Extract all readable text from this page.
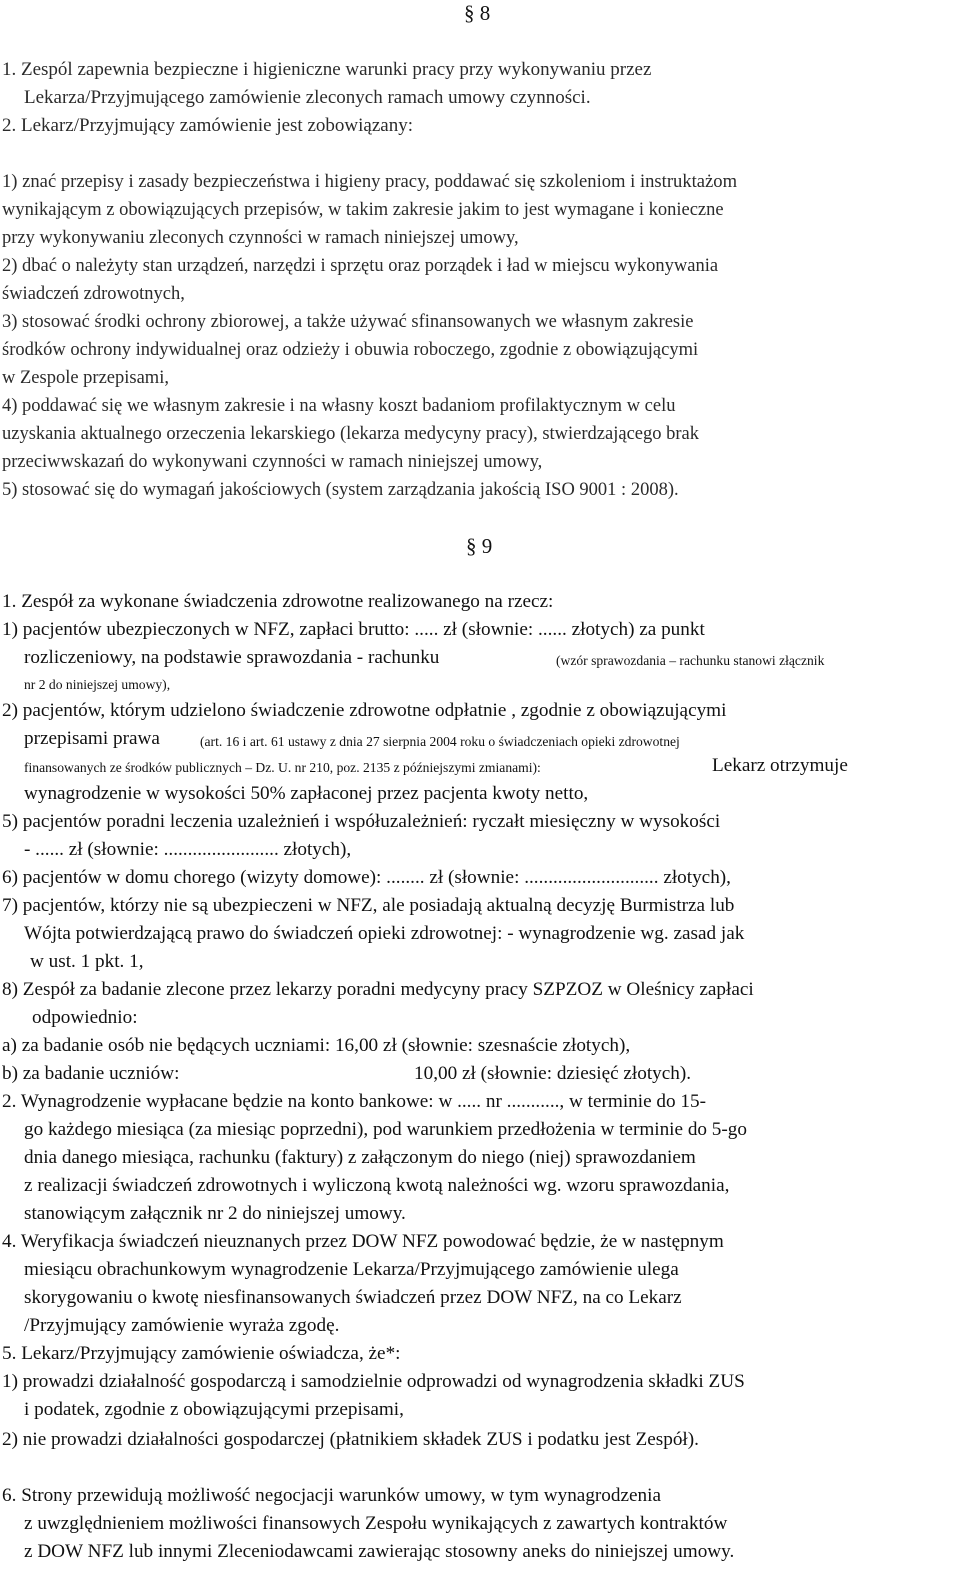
§ 8
1. Zespól zapewnia bezpieczne i higieniczne warunki pracy przy wykonywaniu przez
Lekarza/Przyjmującego zamówienie zleconych ramach umowy czynności.
2. Lekarz/Przyjmujący zamówienie jest zobowiązany:
1) znać przepisy i zasady bezpieczeństwa i higieny pracy, poddawać się szkoleniom i instruktażom
wynikającym z obowiązujących przepisów, w takim zakresie jakim to jest wymagane i konieczne
przy wykonywaniu zleconych czynności w ramach niniejszej umowy,
2) dbać o należyty stan urządzeń, narzędzi i sprzętu oraz porządek i ład w miejscu wykonywania
świadczeń zdrowotnych,
3) stosować środki ochrony zbiorowej, a także używać sfinansowanych we własnym zakresie
środków ochrony indywidualnej oraz odzieży i obuwia roboczego, zgodnie z obowiązującymi
w Zespole przepisami,
4) poddawać się we własnym zakresie i na własny koszt badaniom profilaktycznym w celu
uzyskania aktualnego orzeczenia lekarskiego (lekarza medycyny pracy), stwierdzającego brak
przeciwwskazań do wykonywani czynności w ramach niniejszej umowy,
5) stosować się do wymagań jakościowych (system zarządzania jakością ISO 9001 : 2008).
§ 9
1. Zespół za wykonane świadczenia zdrowotne realizowanego na rzecz:
1) pacjentów ubezpieczonych w NFZ, zapłaci brutto: ..... zł (słownie: ...... złotych) za punkt
rozliczeniowy, na podstawie sprawozdania - rachunku	(wzór sprawozdania – rachunku stanowi złącznik
nr 2 do niniejszej umowy),
2) pacjentów, którym udzielono świadczenie zdrowotne odpłatnie , zgodnie z obowiązującymi
przepisami prawa	(art. 16 i art. 61 ustawy z dnia 27 sierpnia 2004 roku o świadczeniach opieki zdrowotnej
finansowanych ze środków publicznych – Dz. U. nr 210, poz. 2135 z późniejszymi zmianami):	Lekarz otrzymuje
wynagrodzenie w wysokości 50% zapłaconej przez pacjenta kwoty netto,
5) pacjentów poradni leczenia uzależnień i współuzależnień: ryczałt miesięczny w wysokości
- ...... zł (słownie: ........................ złotych),
6) pacjentów w domu chorego (wizyty domowe): ........ zł (słownie: ............................ złotych),
7) pacjentów, którzy nie są ubezpieczeni w NFZ, ale posiadają aktualną decyzję Burmistrza lub
Wójta potwierdzającą prawo do świadczeń opieki zdrowotnej: - wynagrodzenie wg. zasad jak
w ust. 1 pkt. 1,
8) Zespół za badanie zlecone przez lekarzy poradni medycyny pracy SZPZOZ w Oleśnicy zapłaci
odpowiednio:
a) za badanie osób nie będących uczniami: 16,00 zł (słownie: szesnaście złotych),
b) za badanie uczniów:	10,00 zł (słownie: dziesięć złotych).
2. Wynagrodzenie wypłacane będzie na konto bankowe: w ..... nr ..........., w terminie do 15-
go każdego miesiąca (za miesiąc poprzedni), pod warunkiem przedłożenia w terminie do 5-go
dnia danego miesiąca, rachunku (faktury) z załączonym do niego (niej) sprawozdaniem
z realizacji świadczeń zdrowotnych i wyliczoną kwotą należności wg. wzoru sprawozdania,
stanowiącym załącznik nr 2 do niniejszej umowy.
4. Weryfikacja świadczeń nieuznanych przez DOW NFZ powodować będzie, że w następnym
miesiącu obrachunkowym wynagrodzenie Lekarza/Przyjmującego zamówienie ulega
skorygowaniu o kwotę niesfinansowanych świadczeń przez DOW NFZ, na co Lekarz
/Przyjmujący zamówienie wyraża zgodę.
5. Lekarz/Przyjmujący zamówienie oświadcza, że*:
1) prowadzi działalność gospodarczą i samodzielnie odprowadzi od wynagrodzenia składki ZUS
i podatek, zgodnie z obowiązującymi przepisami,
2) nie prowadzi działalności gospodarczej (płatnikiem składek ZUS i podatku jest Zespół).
6. Strony przewidują możliwość negocjacji warunków umowy, w tym wynagrodzenia
z uwzględnieniem możliwości finansowych Zespołu wynikających z zawartych kontraktów
z DOW NFZ lub innymi Zleceniodawcami zawierając stosowny aneks do niniejszej umowy.
